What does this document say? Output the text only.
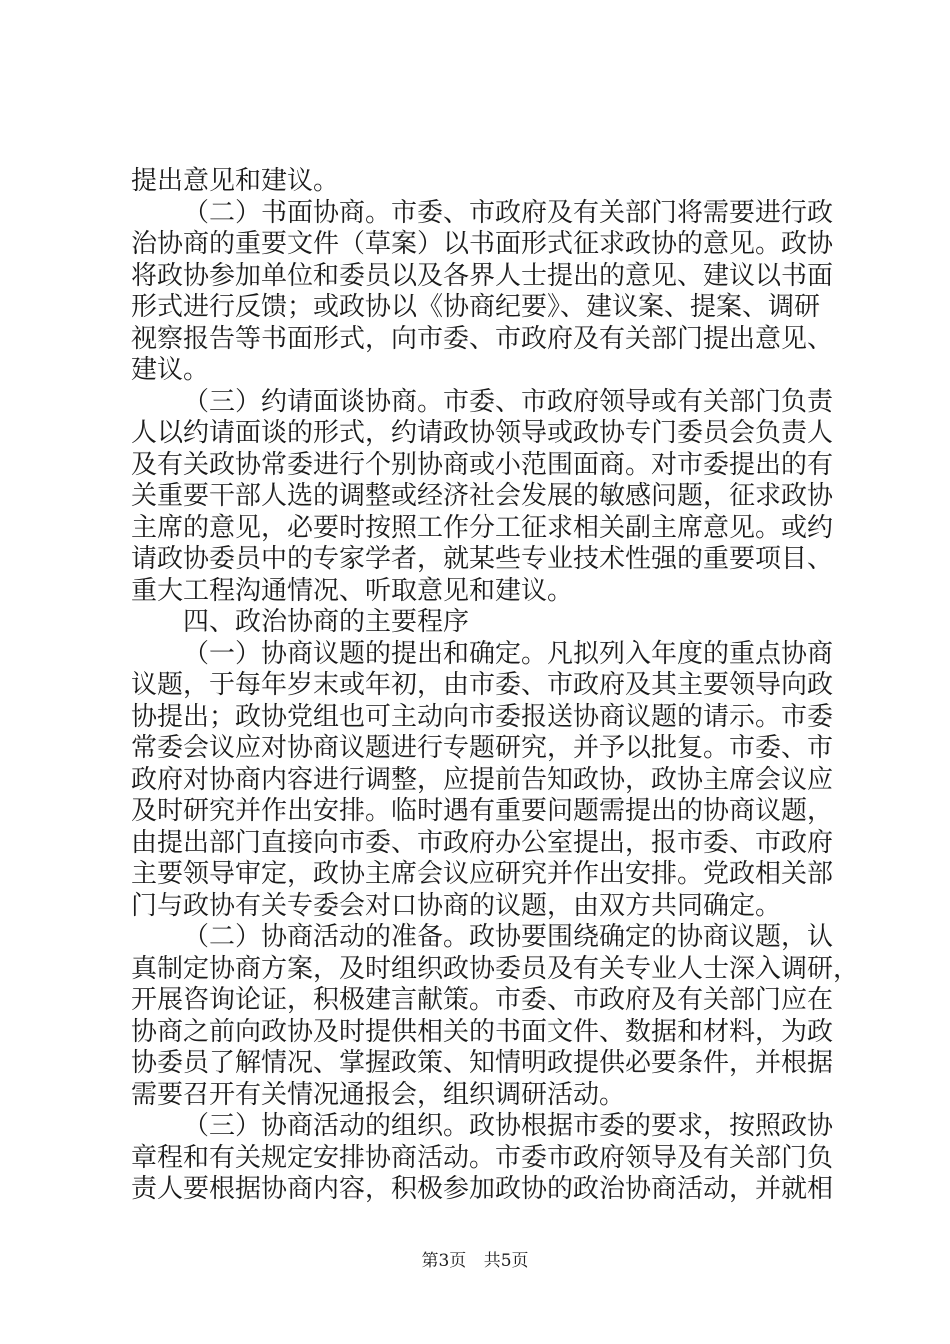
提出意见和建议。

（二）书面协商。市委、市政府及有关部门将需要进行政

治协商的重要文件（草案）以书面形式征求政协的意见。政协

将政协参加单位和委员以及各界人士提出的意见、建议以书面

形式进行反馈；或政协以《协商纪要》、建议案、提案、调研

视察报告等书面形式，向市委、市政府及有关部门提出意见、

建议。

（三）约请面谈协商。市委、市政府领导或有关部门负责

人以约请面谈的形式，约请政协领导或政协专门委员会负责人

及有关政协常委进行个别协商或小范围面商。对市委提出的有

关重要干部人选的调整或经济社会发展的敏感问题，征求政协

主席的意见，必要时按照工作分工征求相关副主席意见。或约

请政协委员中的专家学者，就某些专业技术性强的重要项目、

重大工程沟通情况、听取意见和建议。

四、政治协商的主要程序

（一）协商议题的提出和确定。凡拟列入年度的重点协商

议题，于每年岁末或年初，由市委、市政府及其主要领导向政

协提出；政协党组也可主动向市委报送协商议题的请示。市委

常委会议应对协商议题进行专题研究，并予以批复。市委、市

政府对协商内容进行调整，应提前告知政协，政协主席会议应

及时研究并作出安排。临时遇有重要问题需提出的协商议题，

由提出部门直接向市委、市政府办公室提出，报市委、市政府

主要领导审定，政协主席会议应研究并作出安排。党政相关部

门与政协有关专委会对口协商的议题，由双方共同确定。

（二）协商活动的准备。政协要围绕确定的协商议题，认

真制定协商方案，及时组织政协委员及有关专业人士深入调研，

开展咨询论证，积极建言献策。市委、市政府及有关部门应在

协商之前向政协及时提供相关的书面文件、数据和材料，为政

协委员了解情况、掌握政策、知情明政提供必要条件，并根据

需要召开有关情况通报会，组织调研活动。

（三）协商活动的组织。政协根据市委的要求，按照政协

章程和有关规定安排协商活动。市委市政府领导及有关部门负

责人要根据协商内容，积极参加政协的政治协商活动，并就相

第3页 共5页
